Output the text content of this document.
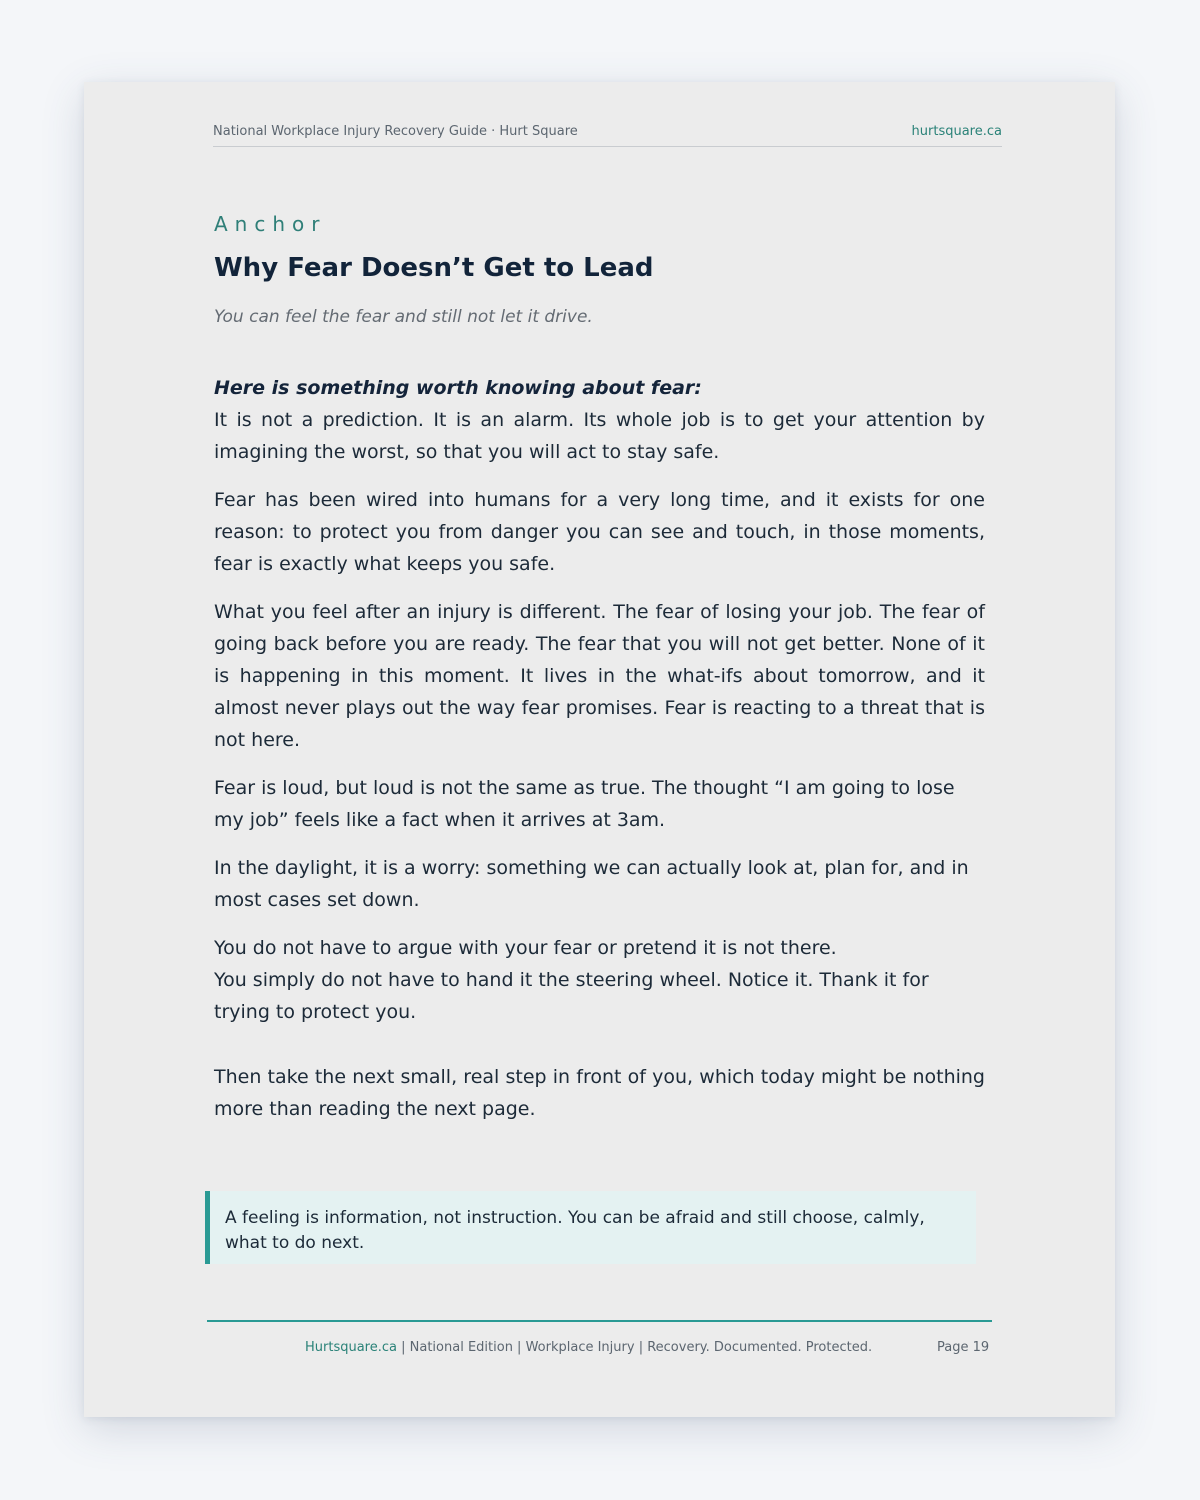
National Workplace Injury Recovery Guide · Hurt Square	hurtsquare.ca
Anchor
Why Fear Doesn’t Get to Lead
You can feel the fear and still not let it drive.

Here is something worth knowing about fear:
It is not a prediction. It is an alarm. Its whole job is to get your attention by imagining the worst, so that you will act to stay safe.

Fear has been wired into humans for a very long time, and it exists for one reason: to protect you from danger you can see and touch, in those moments, fear is exactly what keeps you safe.

What you feel after an injury is different. The fear of losing your job. The fear of going back before you are ready. The fear that you will not get better. None of it is happening in this moment. It lives in the what-ifs about tomorrow, and it almost never plays out the way fear promises. Fear is reacting to a threat that is not here.

Fear is loud, but loud is not the same as true. The thought “I am going to lose my job” feels like a fact when it arrives at 3am.

In the daylight, it is a worry: something we can actually look at, plan for, and in most cases set down.

You do not have to argue with your fear or pretend it is not there.
You simply do not have to hand it the steering wheel. Notice it. Thank it for trying to protect you.

Then take the next small, real step in front of you, which today might be nothing more than reading the next page.

A feeling is information, not instruction. You can be afraid and still choose, calmly, what to do next.
Hurtsquare.ca | National Edition | Workplace Injury | Recovery. Documented. Protected.	Page 19
